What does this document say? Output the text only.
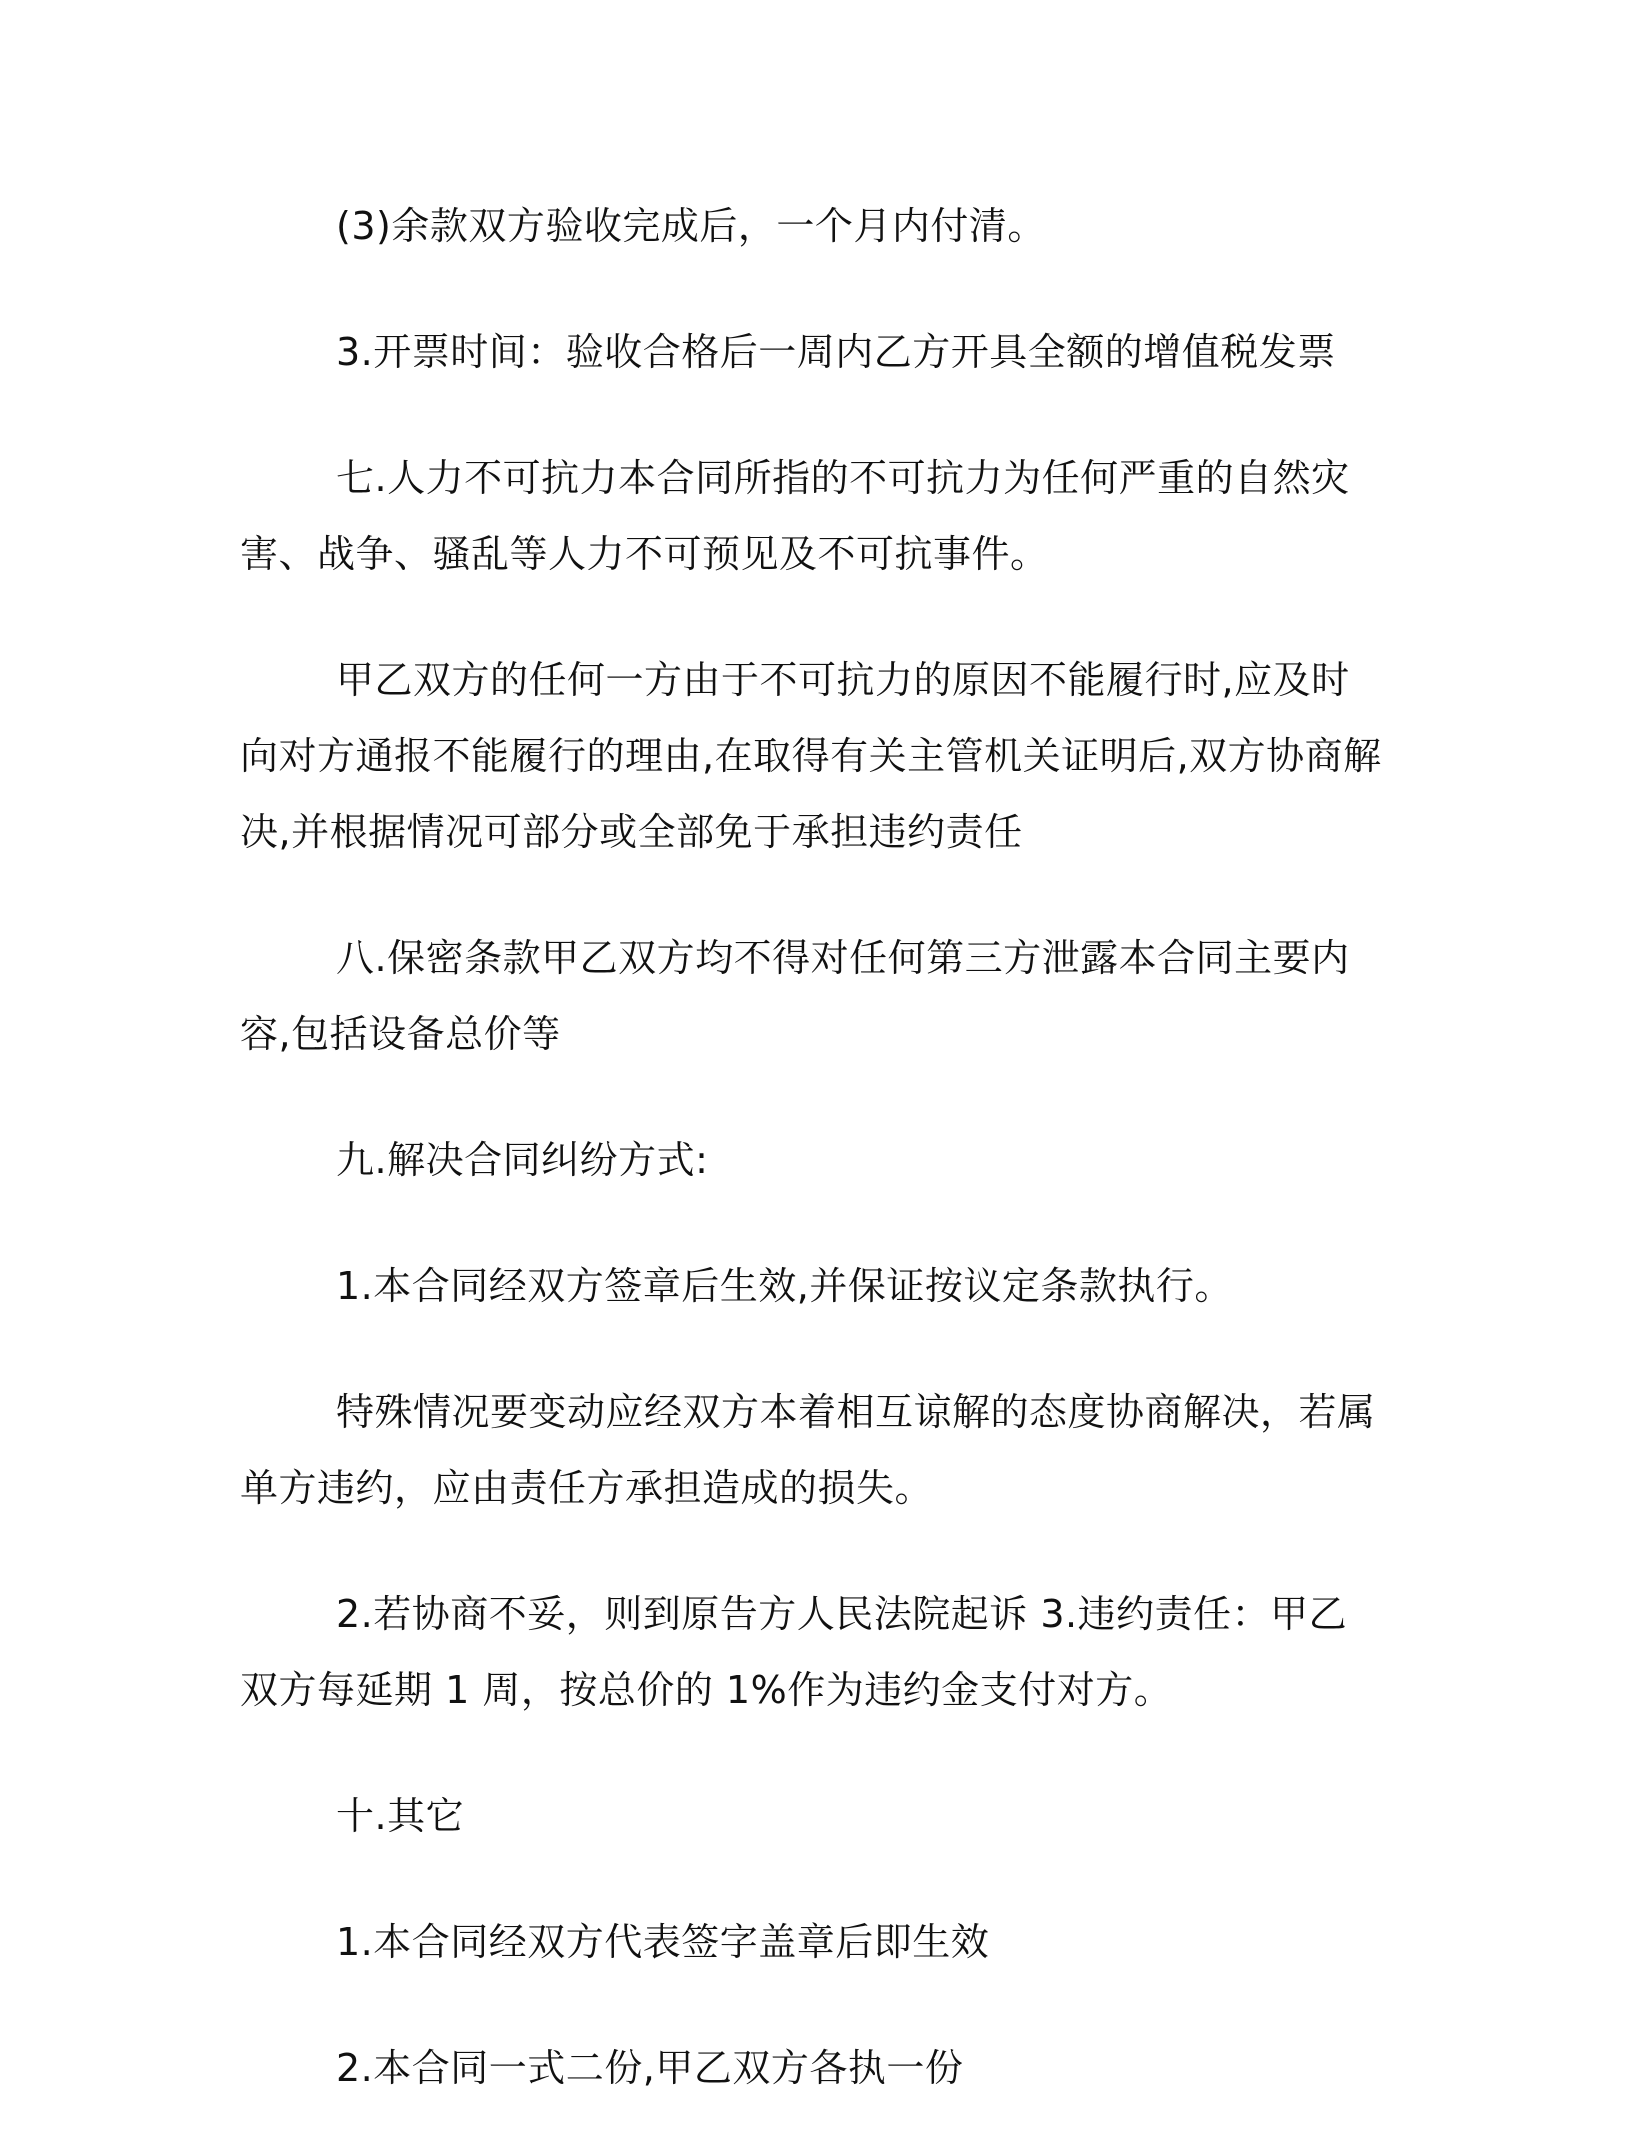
(3)余款双方验收完成后，一个月内付清。

3.开票时间：验收合格后一周内乙方开具全额的增值税发票

七.人力不可抗力本合同所指的不可抗力为任何严重的自然灾害、战争、骚乱等人力不可预见及不可抗事件。

甲乙双方的任何一方由于不可抗力的原因不能履行时,应及时向对方通报不能履行的理由,在取得有关主管机关证明后,双方协商解决,并根据情况可部分或全部免于承担违约责任

八.保密条款甲乙双方均不得对任何第三方泄露本合同主要内容,包括设备总价等

九.解决合同纠纷方式:

1.本合同经双方签章后生效,并保证按议定条款执行。

特殊情况要变动应经双方本着相互谅解的态度协商解决，若属单方违约，应由责任方承担造成的损失。

2.若协商不妥，则到原告方人民法院起诉 3.违约责任：甲乙双方每延期 1 周，按总价的 1%作为违约金支付对方。

十.其它

1.本合同经双方代表签字盖章后即生效

2.本合同一式二份,甲乙双方各执一份
